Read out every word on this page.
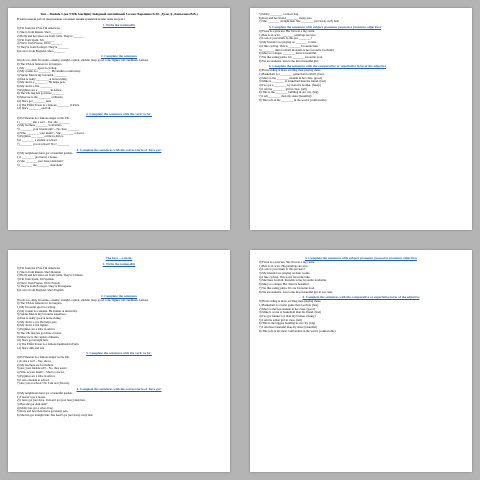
Test – Module 1 (на УМК Starlight) Звёздный английский 5 класс Баранова К.М., Дули Д., Копылова В.В.)
В контрольной работе предложены основные знания грамматические темы модуля 1
1. Write the nationality
0) I'm from the USA. I'm American.
1) She is from Russia. She's _______
2) Holly and her sister are from Chile. They're _______
3) I'm from Spain. I'm _______
4) We're from France. We're _______
5) They're from Portugal. They're _______
6) Lola is from England. She's _______
2. Complete the sentences
Words: ice, slim, favourite, ornamy, straight, capital, student, busy, good, tofu, fighter, tail, landmark, famous
0) The USA is famous for its burgers.
1) My ________ sport is cycling.
2) My cousin is a ________. He studies at university.
3) Spider Man is my favourite ________
4) Dan is really ________ at horse-riding.
5) My dad is a ________. He helps pets.
6) My dad is a fire ________
7) Pygmies are a ________ in Africa.
8) The UK flag has got three ________
9) Moscow is the ________ of Russia.
10) She's got ________ hair.
11) The Eiffel Tower is a famous ________ in Paris.
12) She's ________ and tall.
3. Complete the sentences with the verb 'to be'.
0) Ed Sheeran is a famous singer in the UK.
1) ________ she a vet? – Yes, she ________
2) My brothers ________ footballers.
3) ________ your friends tall? – No, they ________
4) Who ________ your mum? – She ________ a doctor.
5) Pygmies ________ a tribe in Africa.
6) I ________ a student at school.
7) ________ you at school? No I ________
4. Complete the sentences with the correct form of 'have got'
0) My neighbours have got a beautiful garden.
1) I ________ (not have) a house.
2) She ________ (not have) dark hair?
3) ________ the ________ dark skin?
5) Molly ________ a school bag.
6) Katy and her friend ________ many pets.
7) She ________ straight hair. She ________ (not have) curly hair.
5. Complete the sentences with subject pronouns possessive pronouns adjectives
0) Fiona is a princess. Her lives in a big castle.
1) Ben is an actor. ________ paintings are nice.
2) Look at your mum. Is this pet ________?
3) My friends love playing on ________ rooms.
4) I like cycling. This is ________ favourite bike.
5) ________ likes football. Ronaldo is her favourite footballer.
6) Mary is a singer. ________ dress is beautiful.
7) We like eating pizza. It's ________ favourite food.
8) We are students. Lisa is the most beautiful girl.
6. Complete the sentences with the comparative or superlative form of the adjective
0) Horse riding is more exciting than playing chess.
1) Basketball is a ________ game than football. (fast)
2) Mary is the ________ student in her class. (good)
3) Mike is ________ at basketball than his friend. (bad)
4) I've got a ________ toy than my brother. (funny)
5) I am the ________ girl in class. (tall)
6) This is the ________ building in our city. (big)
7) I am ________ than my sister (beautiful)
8) This sofa is the ________ in the world. (comfortable)
The keys – ключи.
1. Write the nationality
0) I'm from the USA. I'm American.
1) She is from Russia. She's Russian
2) Holly and her sister are from Chile. They're Chilean
3) I'm from Spain. I'm Spanish
4) We're from France. We're French
5) They're from Portugal. They're Portuguese
6) Lola is from England. She's English
2. Complete the sentences
Words: ice, slim, favourite, ornamy, straight, capital, student, busy, good, tofu, fighter, tail, landmark, famous
0) The USA is famous for its burgers.
1) My favourite sport is cycling.
2) My cousin is a student. He studies at university.
3) Spider Man is my favourite superhero.
4) Dan is really good at horse-riding.
5) My dad is a vet. He helps pets.
6) My dad is a fire fighter.
7) Pygmies are a tribe in Africa.
8) The UK flag has got three colours.
9) Moscow is the capital of Russia.
10) She's got straight hair.
11) The Eiffel Tower is a famous landmark in Paris.
12) She's slim and tall.
3. Complete the sentences with the verb 'to be'.
0) Ed Sheeran is a famous singer in the UK.
1) Is she a vet? – Yes, she is.
2) My brothers are footballers.
3) Are your friends tall? – No, they aren't.
4) Who is your mum? – She is a doctor.
5) Pygmies are a tribe in Africa.
6) I am a student at school.
7) Are you at school? No I am not (I'm not).
4. Complete the sentences with the correct form of 'have got'
0) My neighbours have got a beautiful garden.
1) I haven't got a house.
2) I have got (not have, I haven't got (not have) dark hair.
3) Has she got dark skin?
4) Molly has got a school bag.
5) Katy and her friend have got many pets.
6) She has got straight hair. She hasn't got (not have) curly hair.
5. Complete the sentences with subject pronouns possessive pronouns adjectives
0) Fiona is a princess. She lives in a big castle.
1) Ben is an actor. His paintings are nice.
2) Look at your mum. Is this pet hers?
3) My friends love playing on their rooms.
4) I like cycling. This is my favourite bike.
5) She likes football. Ronaldo is her favourite footballer.
6) Mary is a singer. Her dress is beautiful.
7) We like eating pizza. It's our favourite food.
8) We are students. Lisa is the most beautiful girl in our class.
6. Complete the sentences with the comparative or superlative form of the adjective
0) Horse riding is more exciting than playing chess.
1) Basketball is a faster game than football. (fast)
2) Mary is the best student in her class. (good)
3) Mike is worse at basketball than his friend. (bad)
4) I've got funnier toy than my brother. (funny)
5) I am the tallest girl in class. (tall)
6) This is the biggest building in our city. (big)
7) I am more beautiful than my sister (beautiful)
8) This sofa is the most comfortable in the world. (comfortable)
